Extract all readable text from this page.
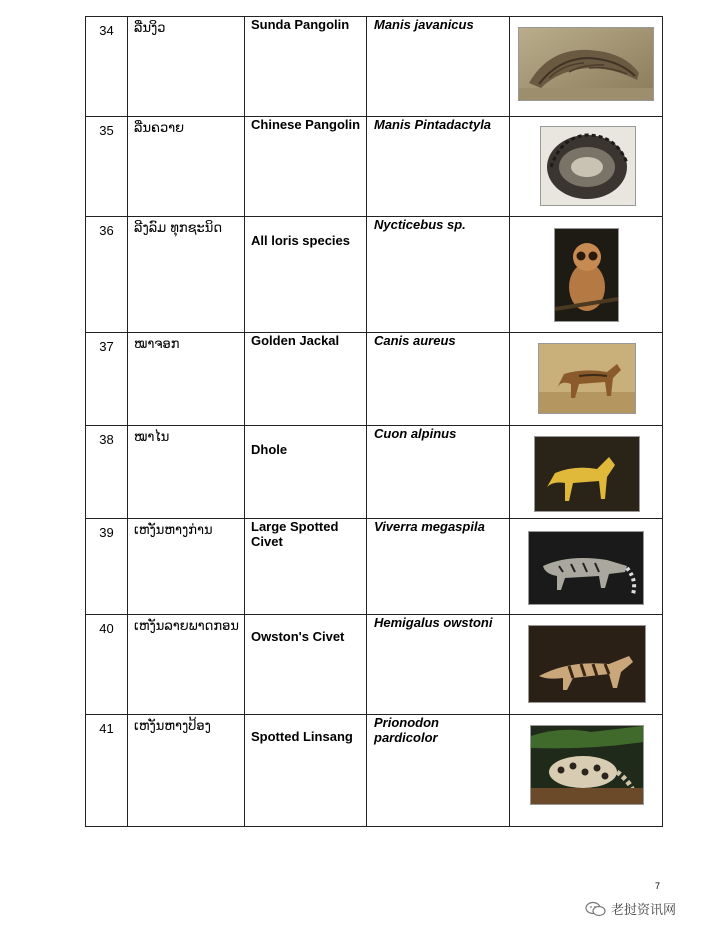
34	ລີ່ນງິວ	Sunda Pangolin	Manis javanicus	

35	ລີ່ນຄວາຍ	Chinese Pangolin	Manis Pintadactyla	

36	ລີງລົມ ທຸກຊະນິດ	All loris species	Nycticebus sp.	

37	ໝາຈອກ	Golden Jackal	Canis aureus	

38	ໝາໄນ	Dhole	Cuon alpinus	

39	ເຫງັນຫາງກ່ານ	Large Spotted Civet	Viverra megaspila	

40	ເຫງັນລາຍພາດກອນ	Owston's Civet	Hemigalus owstoni	

41	ເຫງັນຫາງປ້ອງ	Spotted Linsang	Prionodon pardicolor	
7
老挝资讯网
